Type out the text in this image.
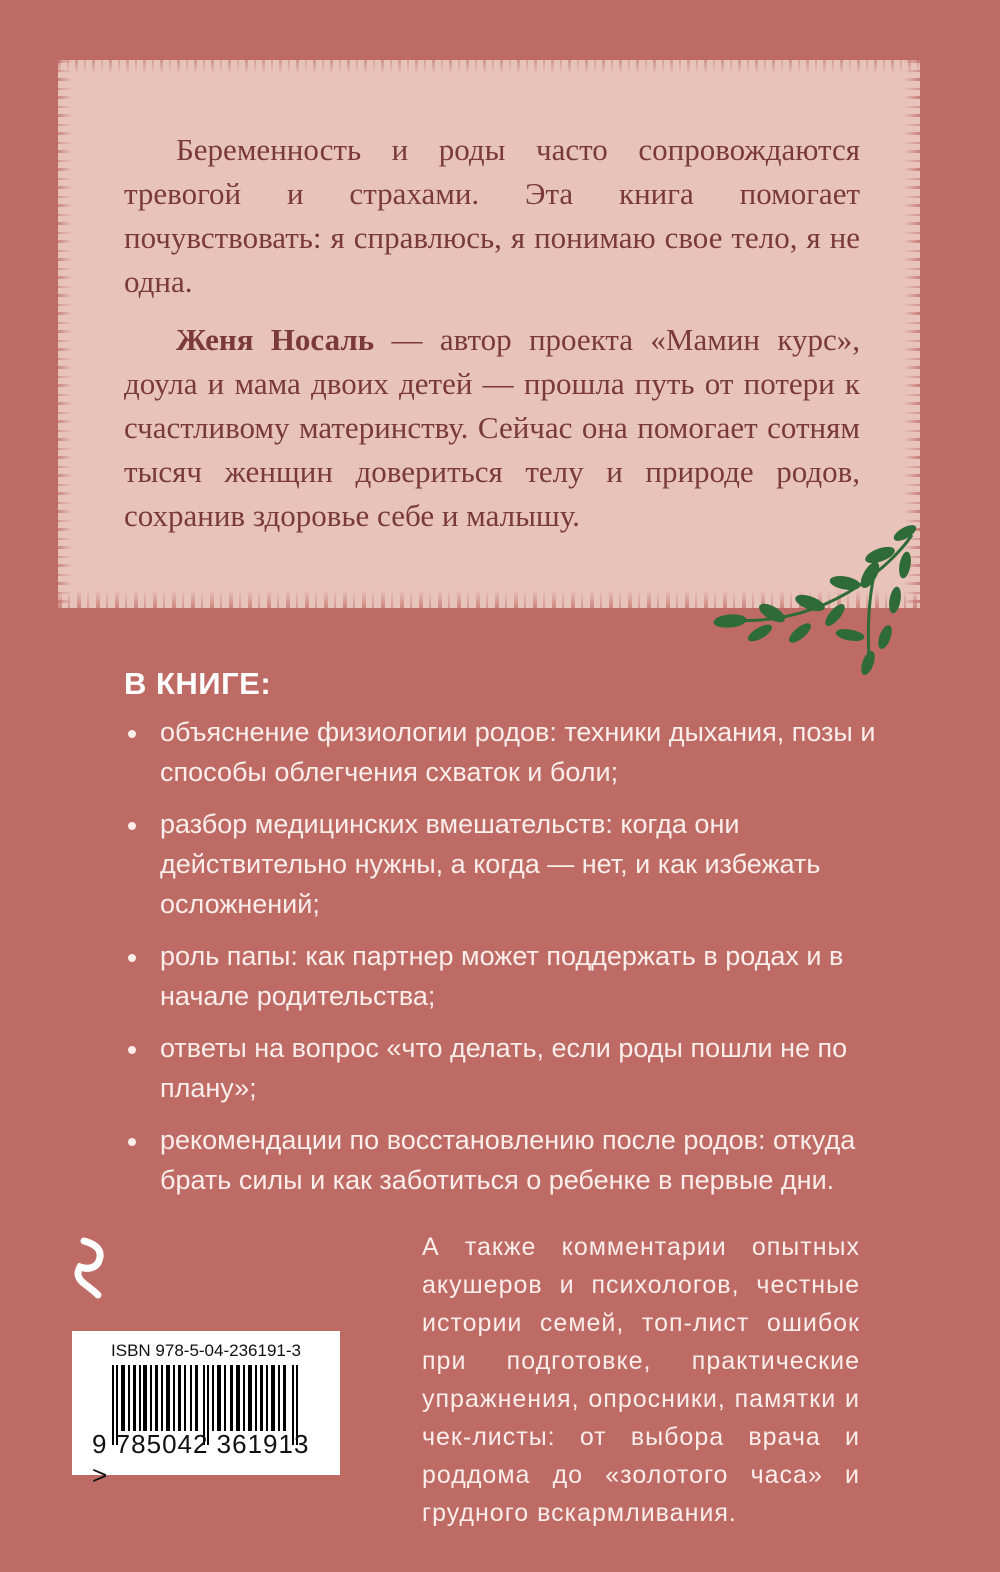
Беременность и роды часто сопровождаются тревогой и страхами. Эта книга помогает почувствовать: я справлюсь, я понимаю свое тело, я не одна.

Женя Носаль — автор проекта «Мамин курс», доула и мама двоих детей — прошла путь от потери к счастливому материнству. Сейчас она помогает сотням тысяч женщин довериться телу и природе родов, сохранив здоровье себе и малышу.

В КНИГЕ:
объяснение физиологии родов: техники дыхания, позы и способы облегчения схваток и боли;
разбор медицинских вмешательств: когда они действительно нужны, а когда — нет, и как избежать осложнений;
роль папы: как партнер может поддержать в родах и в начале родительства;
ответы на вопрос «что делать, если роды пошли не по плану»;
рекомендации по восстановлению после родов: откуда брать силы и как заботиться о ребенке в первые дни.
ISBN 978-5-04-236191-3
9 785042 361913 >

А также комментарии опытных акушеров и психологов, честные истории семей, топ-лист ошибок при подготовке, практические упражнения, опросники, памятки и чек-листы: от выбора врача и роддома до «золотого часа» и грудного вскармливания.
